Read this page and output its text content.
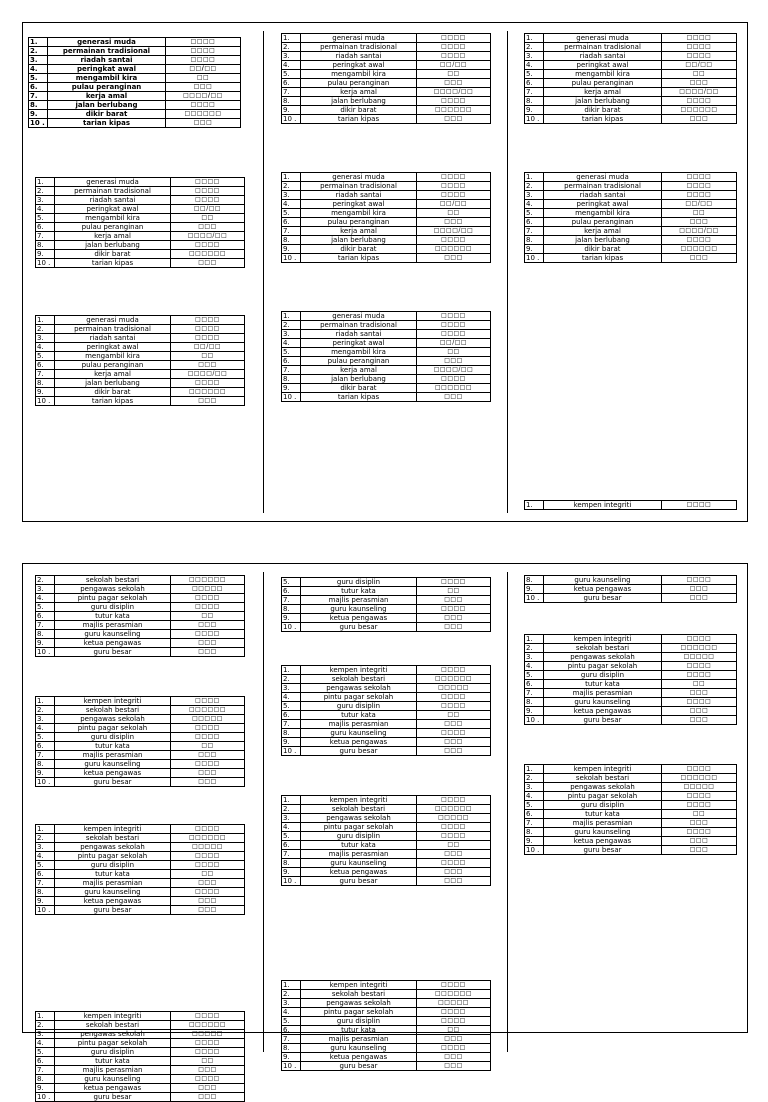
1.	generasi muda	□□□□
2.	permainan tradisional	□□□□
3.	riadah santai	□□□□
4.	peringkat awal	□□/□□
5.	mengambil kira	□□
6.	pulau peranginan	□□□
7.	kerja amal	□□□□/□□
8.	jalan berlubang	□□□□
9.	dikir barat	□□□□□□
10 .	tarian kipas	□□□
1.	generasi muda	□□□□
2.	permainan tradisional	□□□□
3.	riadah santai	□□□□
4.	peringkat awal	□□/□□
5.	mengambil kira	□□
6.	pulau peranginan	□□□
7.	kerja amal	□□□□/□□
8.	jalan berlubang	□□□□
9.	dikir barat	□□□□□□
10 .	tarian kipas	□□□
1.	generasi muda	□□□□
2.	permainan tradisional	□□□□
3.	riadah santai	□□□□
4.	peringkat awal	□□/□□
5.	mengambil kira	□□
6.	pulau peranginan	□□□
7.	kerja amal	□□□□/□□
8.	jalan berlubang	□□□□
9.	dikir barat	□□□□□□
10 .	tarian kipas	□□□
1.	generasi muda	□□□□
2.	permainan tradisional	□□□□
3.	riadah santai	□□□□
4.	peringkat awal	□□/□□
5.	mengambil kira	□□
6.	pulau peranginan	□□□
7.	kerja amal	□□□□/□□
8.	jalan berlubang	□□□□
9.	dikir barat	□□□□□□
10 .	tarian kipas	□□□
1.	generasi muda	□□□□
2.	permainan tradisional	□□□□
3.	riadah santai	□□□□
4.	peringkat awal	□□/□□
5.	mengambil kira	□□
6.	pulau peranginan	□□□
7.	kerja amal	□□□□/□□
8.	jalan berlubang	□□□□
9.	dikir barat	□□□□□□
10 .	tarian kipas	□□□
1.	generasi muda	□□□□
2.	permainan tradisional	□□□□
3.	riadah santai	□□□□
4.	peringkat awal	□□/□□
5.	mengambil kira	□□
6.	pulau peranginan	□□□
7.	kerja amal	□□□□/□□
8.	jalan berlubang	□□□□
9.	dikir barat	□□□□□□
10 .	tarian kipas	□□□
1.	generasi muda	□□□□
2.	permainan tradisional	□□□□
3.	riadah santai	□□□□
4.	peringkat awal	□□/□□
5.	mengambil kira	□□
6.	pulau peranginan	□□□
7.	kerja amal	□□□□/□□
8.	jalan berlubang	□□□□
9.	dikir barat	□□□□□□
10 .	tarian kipas	□□□
1.	generasi muda	□□□□
2.	permainan tradisional	□□□□
3.	riadah santai	□□□□
4.	peringkat awal	□□/□□
5.	mengambil kira	□□
6.	pulau peranginan	□□□
7.	kerja amal	□□□□/□□
8.	jalan berlubang	□□□□
9.	dikir barat	□□□□□□
10 .	tarian kipas	□□□
1.	kempen integriti	□□□□
2.	sekolah bestari	□□□□□□
3.	pengawas sekolah	□□□□□
4.	pintu pagar sekolah	□□□□
5.	guru disiplin	□□□□
6.	tutur kata	□□
7.	majlis perasmian	□□□
8.	guru kaunseling	□□□□
9.	ketua pengawas	□□□
10 .	guru besar	□□□
5.	guru disiplin	□□□□
6.	tutur kata	□□
7.	majlis perasmian	□□□
8.	guru kaunseling	□□□□
9.	ketua pengawas	□□□
10 .	guru besar	□□□
8.	guru kaunseling	□□□□
9.	ketua pengawas	□□□
10 .	guru besar	□□□
1.	kempen integriti	□□□□
2.	sekolah bestari	□□□□□□
3.	pengawas sekolah	□□□□□
4.	pintu pagar sekolah	□□□□
5.	guru disiplin	□□□□
6.	tutur kata	□□
7.	majlis perasmian	□□□
8.	guru kaunseling	□□□□
9.	ketua pengawas	□□□
10 .	guru besar	□□□
1.	kempen integriti	□□□□
2.	sekolah bestari	□□□□□□
3.	pengawas sekolah	□□□□□
4.	pintu pagar sekolah	□□□□
5.	guru disiplin	□□□□
6.	tutur kata	□□
7.	majlis perasmian	□□□
8.	guru kaunseling	□□□□
9.	ketua pengawas	□□□
10 .	guru besar	□□□
1.	kempen integriti	□□□□
2.	sekolah bestari	□□□□□□
3.	pengawas sekolah	□□□□□
4.	pintu pagar sekolah	□□□□
5.	guru disiplin	□□□□
6.	tutur kata	□□
7.	majlis perasmian	□□□
8.	guru kaunseling	□□□□
9.	ketua pengawas	□□□
10 .	guru besar	□□□
1.	kempen integriti	□□□□
2.	sekolah bestari	□□□□□□
3.	pengawas sekolah	□□□□□
4.	pintu pagar sekolah	□□□□
5.	guru disiplin	□□□□
6.	tutur kata	□□
7.	majlis perasmian	□□□
8.	guru kaunseling	□□□□
9.	ketua pengawas	□□□
10 .	guru besar	□□□
1.	kempen integriti	□□□□
2.	sekolah bestari	□□□□□□
3.	pengawas sekolah	□□□□□
4.	pintu pagar sekolah	□□□□
5.	guru disiplin	□□□□
6.	tutur kata	□□
7.	majlis perasmian	□□□
8.	guru kaunseling	□□□□
9.	ketua pengawas	□□□
10 .	guru besar	□□□
1.	kempen integriti	□□□□
2.	sekolah bestari	□□□□□□
3.	pengawas sekolah	□□□□□
4.	pintu pagar sekolah	□□□□
5.	guru disiplin	□□□□
6.	tutur kata	□□
7.	majlis perasmian	□□□
8.	guru kaunseling	□□□□
9.	ketua pengawas	□□□
10 .	guru besar	□□□
1.	kempen integriti	□□□□
2.	sekolah bestari	□□□□□□
3.	pengawas sekolah	□□□□□
4.	pintu pagar sekolah	□□□□
5.	guru disiplin	□□□□
6.	tutur kata	□□
7.	majlis perasmian	□□□
8.	guru kaunseling	□□□□
9.	ketua pengawas	□□□
10 .	guru besar	□□□
1.	kempen integriti	□□□□
2.	sekolah bestari	□□□□□□
3.	pengawas sekolah	□□□□□
4.	pintu pagar sekolah	□□□□
5.	guru disiplin	□□□□
6.	tutur kata	□□
7.	majlis perasmian	□□□
8.	guru kaunseling	□□□□
9.	ketua pengawas	□□□
10 .	guru besar	□□□
